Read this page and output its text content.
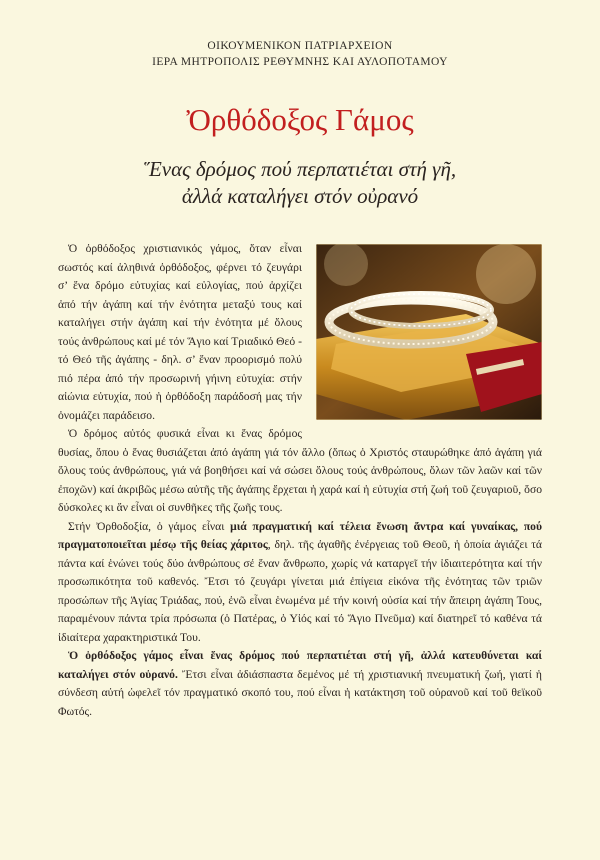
ΟΙΚΟΥΜΕΝΙΚΟΝ ΠΑΤΡΙΑΡΧΕΙΟΝ
ΙΕΡΑ ΜΗΤΡΟΠΟΛΙΣ ΡΕΘΥΜΝΗΣ ΚΑΙ ΑΥΛΟΠΟΤΑΜΟΥ
Ὀρθόδοξος Γάμος
Ἕνας δρόμος πού περπατιέται στή γῆ,
ἀλλά καταλήγει στόν οὐρανό

Ὁ ὀρθόδοξος χριστιανικός γάμος, ὅταν εἶναι σωστός καί ἀληθινά ὀρθόδοξος, φέρνει τό ζευγάρι σ’ ἕνα δρόμο εὐτυχίας καί εὐλογίας, πού ἀρχίζει ἀπό τήν ἀγάπη καί τήν ἑνότητα μεταξύ τους καί καταλήγει στήν ἀγάπη καί τήν ἑνότητα μέ ὅλους τούς ἀνθρώπους καί μέ τόν Ἅγιο καί Τριαδικό Θεό - τό Θεό τῆς ἀγάπης - δηλ. σ’ ἕναν προορισμό πολύ πιό πέρα ἀπό τήν προσωρινή γήινη εὐτυχία: στήν αἰώνια εὐτυχία, πού ἡ ὀρθόδοξη παράδοσή μας τήν ὀνομάζει παράδεισο.

Ὁ δρόμος αὐτός φυσικά εἶναι κι ἕνας δρόμος θυσίας, ὅπου ὁ ἕνας θυσιάζεται ἀπό ἀγάπη γιά τόν ἄλλο (ὅπως ὁ Χριστός σταυρώθηκε ἀπό ἀγάπη γιά ὅλους τούς ἀνθρώπους, γιά νά βοηθήσει καί νά σώσει ὅλους τούς ἀνθρώπους, ὅλων τῶν λαῶν καί τῶν ἐποχῶν) καί ἀκριβῶς μέσω αὐτῆς τῆς ἀγάπης ἔρχεται ἡ χαρά καί ἡ εὐτυχία στή ζωή τοῦ ζευγαριοῦ, ὅσο δύσκολες κι ἄν εἶναι οἱ συνθῆκες τῆς ζωῆς τους.

Στήν Ὀρθοδοξία, ὁ γάμος εἶναι μιά πραγματική καί τέλεια ἕνωση ἄντρα καί γυναίκας, πού πραγματοποιεῖται μέσῳ τῆς θείας χάριτος, δηλ. τῆς ἀγαθῆς ἐνέργειας τοῦ Θεοῦ, ἡ ὁποία ἁγιάζει τά πάντα καί ἑνώνει τούς δύο ἀνθρώπους σέ ἕναν ἄνθρωπο, χωρίς νά καταργεῖ τήν ἰδιαιτερότητα καί τήν προσωπικότητα τοῦ καθενός. Ἔτσι τό ζευγάρι γίνεται μιά ἐπίγεια εἰκόνα τῆς ἑνότητας τῶν τριῶν προσώπων τῆς Ἁγίας Τριάδας, πού, ἐνῶ εἶναι ἑνωμένα μέ τήν κοινή οὐσία καί τήν ἄπειρη ἀγάπη Τους, παραμένουν πάντα τρία πρόσωπα (ὁ Πατέρας, ὁ Υἱός καί τό Ἅγιο Πνεῦμα) καί διατηρεῖ τό καθένα τά ἰδιαίτερα χαρακτηριστικά Του.

Ὁ ὀρθόδοξος γάμος εἶναι ἕνας δρόμος πού περπατιέται στή γῆ, ἀλλά κατευθύνεται καί καταλήγει στόν οὐρανό. Ἔτσι εἶναι ἀδιάσπαστα δεμένος μέ τή χριστιανική πνευματική ζωή, γιατί ἡ σύνδεση αὐτή ὠφελεῖ τόν πραγματικό σκοπό του, πού εἶναι ἡ κατάκτηση τοῦ οὐρανοῦ καί τοῦ θεϊκοῦ Φωτός.
